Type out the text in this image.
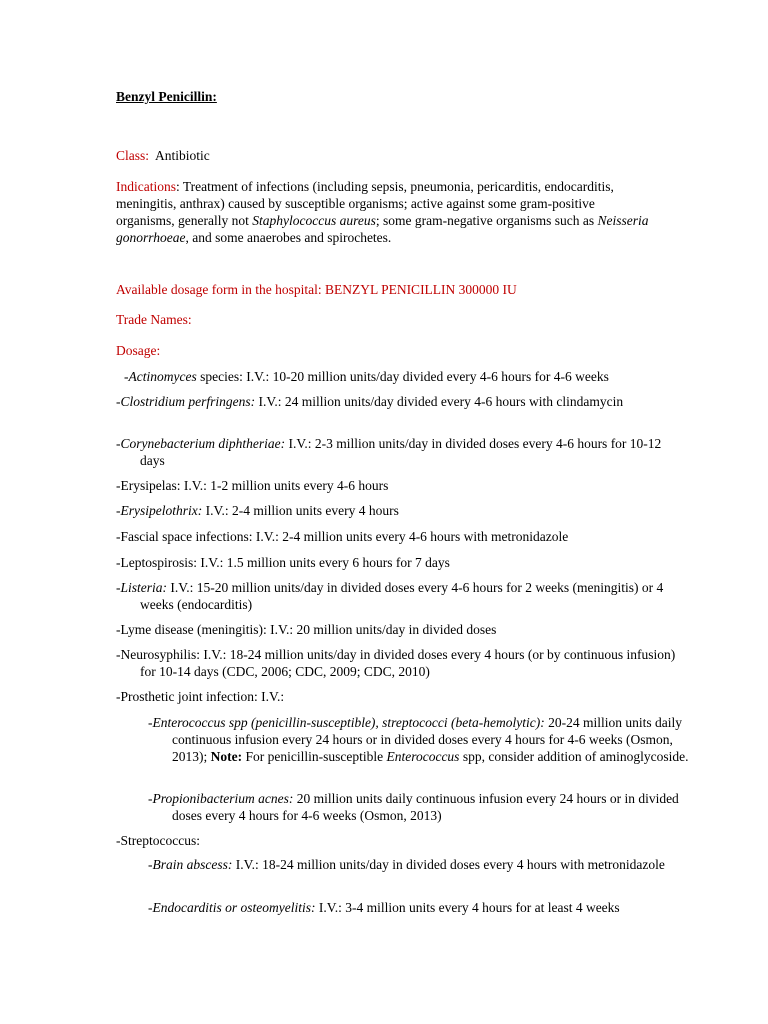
Benzyl Penicillin:

Class: Antibiotic

Indications: Treatment of infections (including sepsis, pneumonia, pericarditis, endocarditis, meningitis, anthrax) caused by susceptible organisms; active against some gram-positive organisms, generally not Staphylococcus aureus; some gram-negative organisms such as Neisseria gonorrhoeae, and some anaerobes and spirochetes.

Available dosage form in the hospital: BENZYL PENICILLIN 300000 IU

Trade Names:

Dosage:

-Actinomyces species: I.V.: 10-20 million units/day divided every 4-6 hours for 4-6 weeks

-Clostridium perfringens: I.V.: 24 million units/day divided every 4-6 hours with clindamycin

-Corynebacterium diphtheriae: I.V.: 2-3 million units/day in divided doses every 4-6 hours for 10-12 days

-Erysipelas: I.V.: 1-2 million units every 4-6 hours

-Erysipelothrix: I.V.: 2-4 million units every 4 hours

-Fascial space infections: I.V.: 2-4 million units every 4-6 hours with metronidazole

-Leptospirosis: I.V.: 1.5 million units every 6 hours for 7 days

-Listeria: I.V.: 15-20 million units/day in divided doses every 4-6 hours for 2 weeks (meningitis) or 4 weeks (endocarditis)

-Lyme disease (meningitis): I.V.: 20 million units/day in divided doses

-Neurosyphilis: I.V.: 18-24 million units/day in divided doses every 4 hours (or by continuous infusion) for 10-14 days (CDC, 2006; CDC, 2009; CDC, 2010)

-Prosthetic joint infection: I.V.:

-Enterococcus spp (penicillin-susceptible), streptococci (beta-hemolytic): 20-24 million units daily continuous infusion every 24 hours or in divided doses every 4 hours for 4-6 weeks (Osmon, 2013); Note: For penicillin-susceptible Enterococcus spp, consider addition of aminoglycoside.

-Propionibacterium acnes: 20 million units daily continuous infusion every 24 hours or in divided doses every 4 hours for 4-6 weeks (Osmon, 2013)

-Streptococcus:

-Brain abscess: I.V.: 18-24 million units/day in divided doses every 4 hours with metronidazole

-Endocarditis or osteomyelitis: I.V.: 3-4 million units every 4 hours for at least 4 weeks
